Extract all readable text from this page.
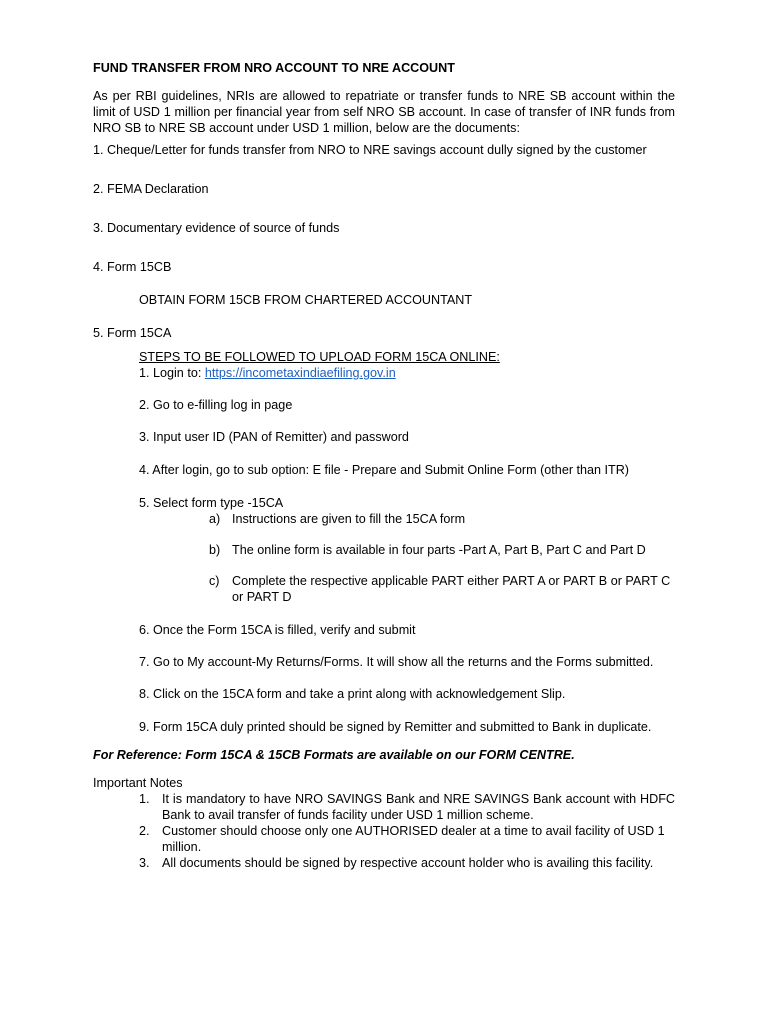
FUND TRANSFER FROM NRO ACCOUNT TO NRE ACCOUNT

As per RBI guidelines, NRIs are allowed to repatriate or transfer funds to NRE SB account within the limit of USD 1 million per financial year from self NRO SB account. In case of transfer of INR funds from NRO SB to NRE SB account under USD 1 million, below are the documents:

1. Cheque/Letter for funds transfer from NRO to NRE savings account dully signed by the customer

2. FEMA Declaration

3. Documentary evidence of source of funds

4. Form 15CB

OBTAIN FORM 15CB FROM CHARTERED ACCOUNTANT

5. Form 15CA

STEPS TO BE FOLLOWED TO UPLOAD FORM 15CA ONLINE:

1. Login to: https://incometaxindiaefiling.gov.in

2. Go to e-filling log in page

3. Input user ID (PAN of Remitter) and password

4. After login, go to sub option: E file - Prepare and Submit Online Form (other than ITR)

5. Select form type -15CA

a) Instructions are given to fill the 15CA form

b) The online form is available in four parts -Part A, Part B, Part C and Part D

c) Complete the respective applicable PART either PART A or PART B or PART C or PART D

6. Once the Form 15CA is filled, verify and submit

7. Go to My account-My Returns/Forms. It will show all the returns and the Forms submitted.

8. Click on the 15CA form and take a print along with acknowledgement Slip.

9. Form 15CA duly printed should be signed by Remitter and submitted to Bank in duplicate.

For Reference: Form 15CA & 15CB Formats are available on our FORM CENTRE.

Important Notes

1. It is mandatory to have NRO SAVINGS Bank and NRE SAVINGS Bank account with HDFC Bank to avail transfer of funds facility under USD 1 million scheme.

2. Customer should choose only one AUTHORISED dealer at a time to avail facility of USD 1 million.

3. All documents should be signed by respective account holder who is availing this facility.
